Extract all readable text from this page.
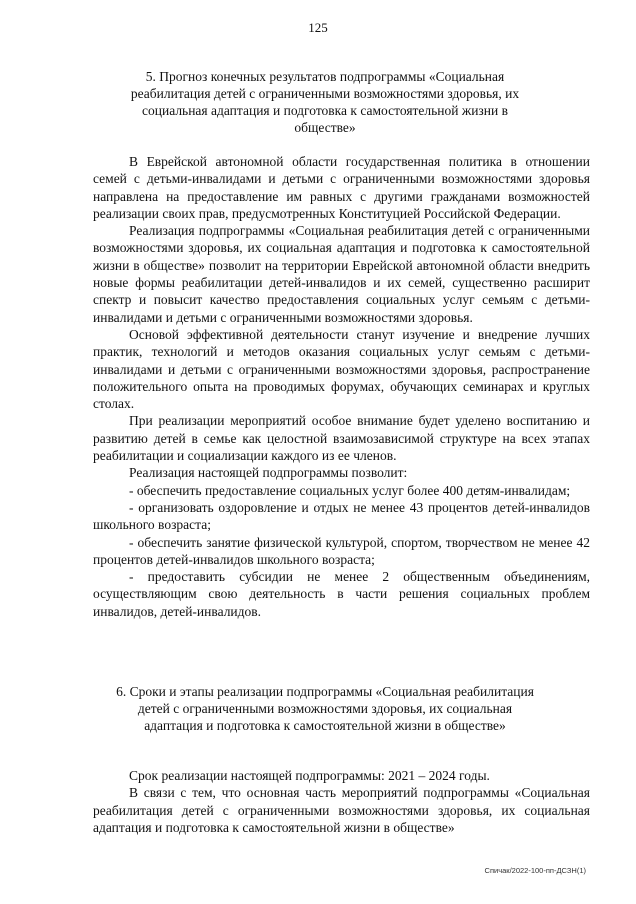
125
5. Прогноз конечных результатов подпрограммы «Социальная реабилитация детей с ограниченными возможностями здоровья, их социальная адаптация и подготовка к самостоятельной жизни в обществе»

В Еврейской автономной области государственная политика в отношении семей с детьми-инвалидами и детьми с ограниченными возможностями здоровья направлена на предоставление им равных с другими гражданами возможностей реализации своих прав, предусмотренных Конституцией Российской Федерации.

Реализация подпрограммы «Социальная реабилитация детей с ограниченными возможностями здоровья, их социальная адаптация и подготовка к самостоятельной жизни в обществе» позволит на территории Еврейской автономной области внедрить новые формы реабилитации детей-инвалидов и их семей, существенно расширит спектр и повысит качество предоставления социальных услуг семьям с детьми-инвалидами и детьми с ограниченными возможностями здоровья.

Основой эффективной деятельности станут изучение и внедрение лучших практик, технологий и методов оказания социальных услуг семьям с детьми-инвалидами и детьми с ограниченными возможностями здоровья, распространение положительного опыта на проводимых форумах, обучающих семинарах и круглых столах.

При реализации мероприятий особое внимание будет уделено воспитанию и развитию детей в семье как целостной взаимозависимой структуре на всех этапах реабилитации и социализации каждого из ее членов.

Реализация настоящей подпрограммы позволит:

- обеспечить предоставление социальных услуг более 400 детям-инвалидам;

- организовать оздоровление и отдых не менее 43 процентов детей-инвалидов школьного возраста;

- обеспечить занятие физической культурой, спортом, творчеством не менее 42 процентов детей-инвалидов школьного возраста;

- предоставить субсидии не менее 2 общественным объединениям, осуществляющим свою деятельность в части решения социальных проблем инвалидов, детей-инвалидов.

6. Сроки и этапы реализации подпрограммы «Социальная реабилитация детей с ограниченными возможностями здоровья, их социальная адаптация и подготовка к самостоятельной жизни в обществе»

Срок реализации настоящей подпрограммы: 2021 – 2024 годы.

В связи с тем, что основная часть мероприятий подпрограммы «Социальная реабилитация детей с ограниченными возможностями здоровья, их социальная адаптация и подготовка к самостоятельной жизни в обществе»

Спичак/2022-100-пп-ДСЗН(1)
